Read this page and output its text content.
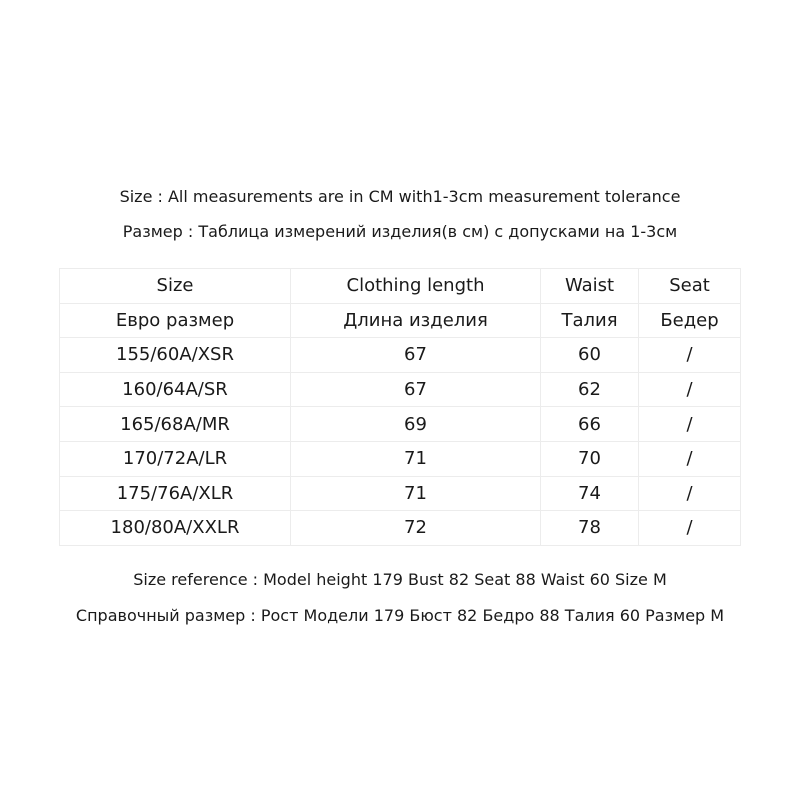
Size : All measurements are in CM with1-3cm measurement tolerance
Размер : Таблица измерений изделия(в см) с допусками на 1-3см
Size	Clothing length	Waist	Seat
Евро размер	Длина изделия	Талия	Бедер
155/60A/XSR	67	60	/
160/64A/SR	67	62	/
165/68A/MR	69	66	/
170/72A/LR	71	70	/
175/76A/XLR	71	74	/
180/80A/XXLR	72	78	/
Size reference : Model height 179 Bust 82 Seat 88 Waist 60 Size M
Справочный размер : Рост Модели 179 Бюст 82 Бедро 88 Талия 60 Размер M
